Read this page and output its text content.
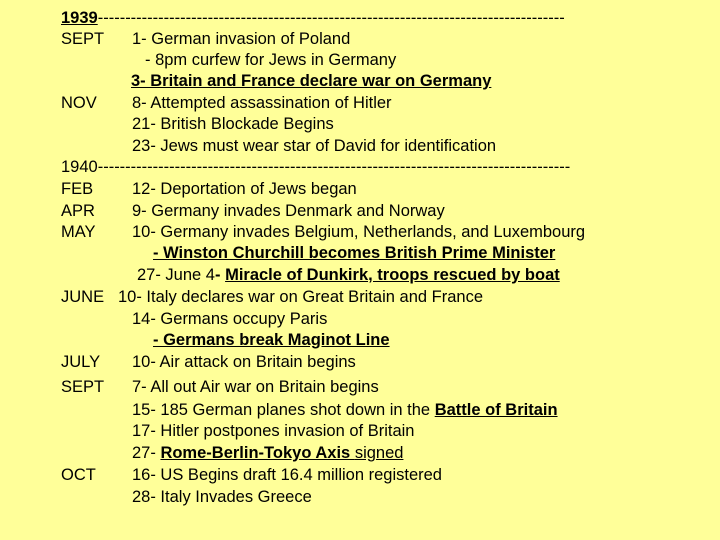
1939-------------------------------------------------------------------------------------
SEPT 1- German invasion of Poland
- 8pm curfew for Jews in Germany
3- Britain and France declare war on Germany
NOV 8- Attempted assassination of Hitler
21- British Blockade Begins
23- Jews must wear star of David for identification
1940--------------------------------------------------------------------------------------
FEB 12- Deportation of Jews began
APR 9- Germany invades Denmark and Norway
MAY 10- Germany invades Belgium, Netherlands, and Luxembourg
- Winston Churchill becomes British Prime Minister
27- June 4- Miracle of Dunkirk, troops rescued by boat
JUNE 10- Italy declares war on Great Britain and France
14- Germans occupy Paris
- Germans break Maginot Line
JULY 10- Air attack on Britain begins
SEPT 7- All out Air war on Britain begins
15- 185 German planes shot down in the Battle of Britain
17- Hitler postpones invasion of Britain
27- Rome-Berlin-Tokyo Axis signed
OCT 16- US Begins draft 16.4 million registered
28- Italy Invades Greece
